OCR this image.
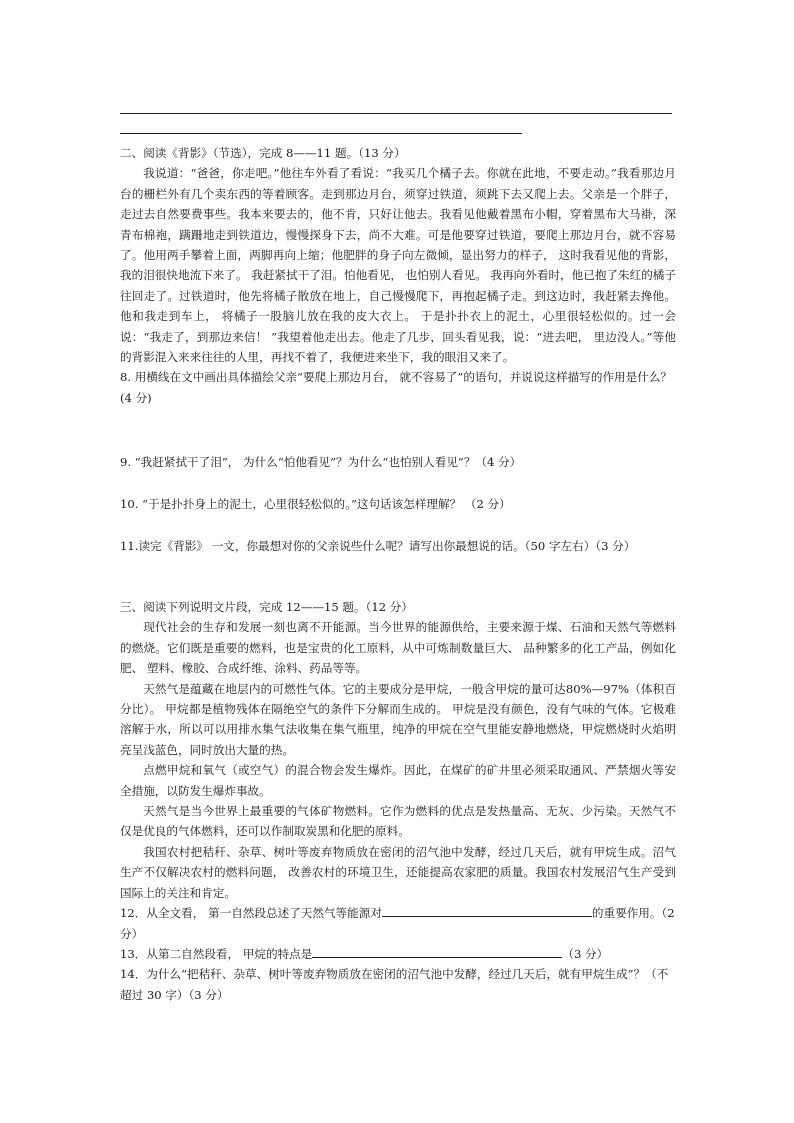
二、阅读《背影》（节选），完成 8——11 题。（13 分）

我说道：“爸爸，你走吧。”他往车外看了看说：“我买几个橘子去。你就在此地，不要走动。”我看那边月台的栅栏外有几个卖东西的等着顾客。走到那边月台，须穿过铁道，须跳下去又爬上去。父亲是一个胖子，走过去自然要费事些。我本来要去的，他不肯，只好让他去。我看见他戴着黑布小帽，穿着黑布大马褂，深青布棉袍，蹒跚地走到铁道边，慢慢探身下去，尚不大难。可是他要穿过铁道，要爬上那边月台，就不容易了。他用两手攀着上面，两脚再向上缩；他肥胖的身子向左微倾，显出努力的样子， 这时我看见他的背影， 我的泪很快地流下来了。 我赶紧拭干了泪。怕他看见， 也怕别人看见。 我再向外看时，他已抱了朱红的橘子往回走了。过铁道时，他先将橘子散放在地上，自己慢慢爬下，再抱起橘子走。到这边时，我赶紧去搀他。他和我走到车上， 将橘子一股脑儿放在我的皮大衣上。 于是扑扑衣上的泥土，心里很轻松似的。过一会说：“我走了，到那边来信！ ”我望着他走出去。他走了几步，回头看见我，说：“进去吧， 里边没人。”等他的背影混入来来往往的人里，再找不着了，我便进来坐下，我的眼泪又来了。

8. 用横线在文中画出具体描绘父亲“要爬上那边月台， 就不容易了”的语句，并说说这样描写的作用是什么？ (4 分)

9. “我赶紧拭干了泪”， 为什么“怕他看见”？为什么“也怕别人看见”？（4 分）

10. “于是扑扑身上的泥土，心里很轻松似的。”这句话该怎样理解？ （2 分）

11.读完《背影》 一文，你最想对你的父亲说些什么呢？请写出你最想说的话。（50 字左右）（3 分）

三、阅读下列说明文片段，完成 12——15 题。（12 分）

现代社会的生存和发展一刻也离不开能源。当今世界的能源供给，主要来源于煤、石油和天然气等燃料的燃烧。它们既是重要的燃料，也是宝贵的化工原料，从中可炼制数量巨大、 品种繁多的化工产品，例如化肥、 塑料、橡胶、合成纤维、涂料、药品等等。

天然气是蕴藏在地层内的可燃性气体。它的主要成分是甲烷，一般含甲烷的量可达80%—97%（体积百分比）。 甲烷都是植物残体在隔绝空气的条件下分解而生成的。 甲烷是没有颜色，没有气味的气体。它极难溶解于水，所以可以用排水集气法收集在集气瓶里，纯净的甲烷在空气里能安静地燃烧，甲烷燃烧时火焰明亮呈浅蓝色，同时放出大量的热。

点燃甲烷和氧气（或空气）的混合物会发生爆炸。因此，在煤矿的矿井里必须采取通风、严禁烟火等安全措施，以防发生爆炸事故。

天然气是当今世界上最重要的气体矿物燃料。它作为燃料的优点是发热量高、无灰、少污染。天然气不仅是优良的气体燃料，还可以作制取炭黑和化肥的原料。

我国农村把秸秆、杂草、树叶等废弃物质放在密闭的沼气池中发酵，经过几天后，就有甲烷生成。沼气生产不仅解决农村的燃料问题， 改善农村的环境卫生，还能提高农家肥的质量。我国农村发展沼气生产受到国际上的关注和肯定。

12．从全文看， 第一自然段总述了天然气等能源对	的重要作用。（2 分）

13．从第二自然段看， 甲烷的特点是	（3 分）

14．为什么“把秸秆、杂草、树叶等废弃物质放在密闭的沼气池中发酵，经过几天后，就有甲烷生成”？（不超过 30 字）（3 分）
